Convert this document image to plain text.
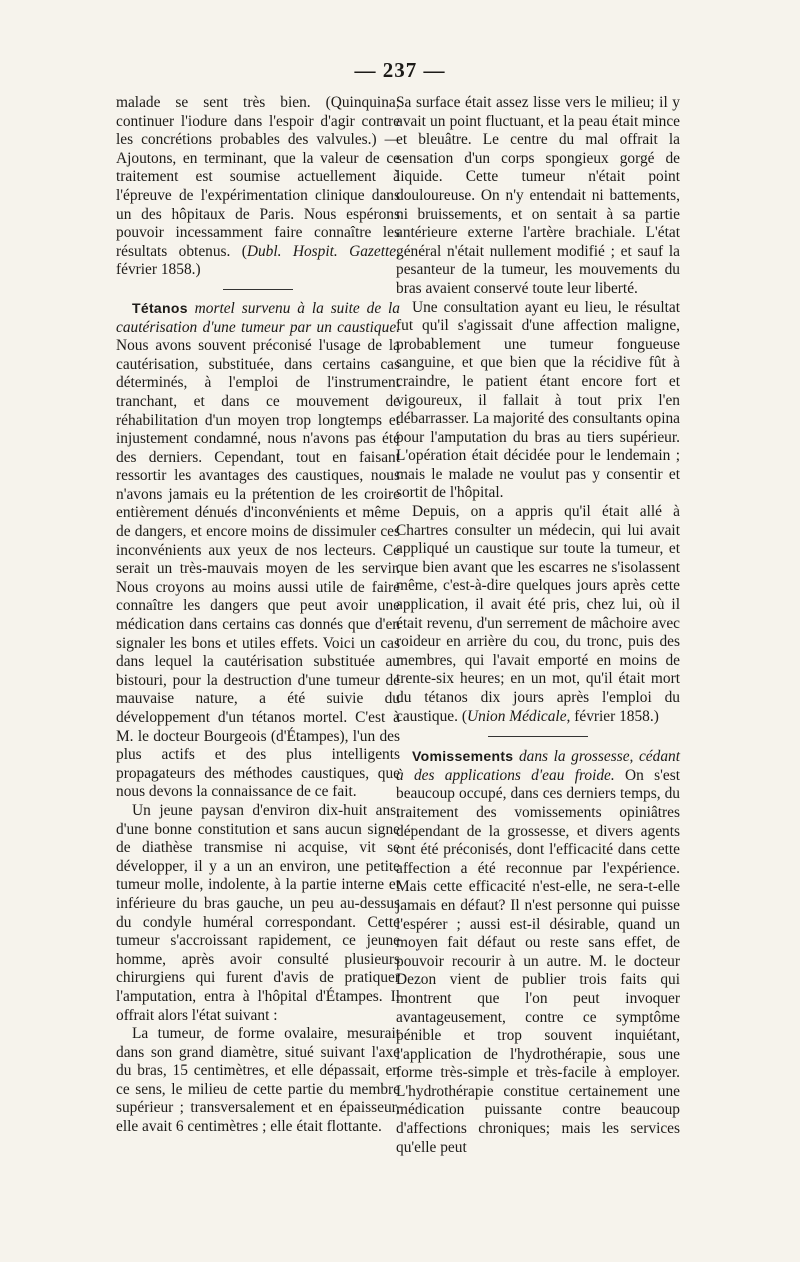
— 237 —

malade se sent très bien. (Quinquina; continuer l'iodure dans l'espoir d'agir contre les concrétions probables des valvules.) — Ajoutons, en terminant, que la valeur de ce traitement est soumise actuellement à l'épreuve de l'expérimentation clinique dans un des hôpitaux de Paris. Nous espérons pouvoir incessamment faire connaître les résultats obtenus. (Dubl. Hospit. Gazette, février 1858.)

Tétanos mortel survenu à la suite de la cautérisation d'une tumeur par un caustique. Nous avons souvent préconisé l'usage de la cautérisation, substituée, dans certains cas déterminés, à l'emploi de l'instrument tranchant, et dans ce mouvement de réhabilitation d'un moyen trop longtemps et injustement condamné, nous n'avons pas été des derniers. Cependant, tout en faisant ressortir les avantages des caustiques, nous n'avons jamais eu la prétention de les croire entièrement dénués d'inconvénients et même de dangers, et encore moins de dissimuler ces inconvénients aux yeux de nos lecteurs. Ce serait un très-mauvais moyen de les servir. Nous croyons au moins aussi utile de faire connaître les dangers que peut avoir une médication dans certains cas donnés que d'en signaler les bons et utiles effets. Voici un cas dans lequel la cautérisation substituée au bistouri, pour la destruction d'une tumeur de mauvaise nature, a été suivie du développement d'un tétanos mortel. C'est à M. le docteur Bourgeois (d'Étampes), l'un des plus actifs et des plus intelligents propagateurs des méthodes caustiques, que nous devons la connaissance de ce fait.

Un jeune paysan d'environ dix-huit ans, d'une bonne constitution et sans aucun signe de diathèse transmise ni acquise, vit se développer, il y a un an environ, une petite tumeur molle, indolente, à la partie interne et inférieure du bras gauche, un peu au-dessus du condyle huméral correspondant. Cette tumeur s'accroissant rapidement, ce jeune homme, après avoir consulté plusieurs chirurgiens qui furent d'avis de pratiquer l'amputation, entra à l'hôpital d'Étampes. Il offrait alors l'état suivant :

La tumeur, de forme ovalaire, mesurait dans son grand diamètre, situé suivant l'axe du bras, 15 centimètres, et elle dépassait, en ce sens, le milieu de cette partie du membre supérieur ; transversalement et en épaisseur, elle avait 6 centimètres ; elle était flottante.

Sa surface était assez lisse vers le milieu; il y avait un point fluctuant, et la peau était mince et bleuâtre. Le centre du mal offrait la sensation d'un corps spongieux gorgé de liquide. Cette tumeur n'était point douloureuse. On n'y entendait ni battements, ni bruissements, et on sentait à sa partie antérieure externe l'artère brachiale. L'état général n'était nullement modifié ; et sauf la pesanteur de la tumeur, les mouvements du bras avaient conservé toute leur liberté.

Une consultation ayant eu lieu, le résultat fut qu'il s'agissait d'une affection maligne, probablement une tumeur fongueuse sanguine, et que bien que la récidive fût à craindre, le patient étant encore fort et vigoureux, il fallait à tout prix l'en débarrasser. La majorité des consultants opina pour l'amputation du bras au tiers supérieur. L'opération était décidée pour le lendemain ; mais le malade ne voulut pas y consentir et sortit de l'hôpital.

Depuis, on a appris qu'il était allé à Chartres consulter un médecin, qui lui avait appliqué un caustique sur toute la tumeur, et que bien avant que les escarres ne s'isolassent même, c'est-à-dire quelques jours après cette application, il avait été pris, chez lui, où il était revenu, d'un serrement de mâchoire avec roideur en arrière du cou, du tronc, puis des membres, qui l'avait emporté en moins de trente-six heures; en un mot, qu'il était mort du tétanos dix jours après l'emploi du caustique. (Union Médicale, février 1858.)

Vomissements dans la grossesse, cédant à des applications d'eau froide. On s'est beaucoup occupé, dans ces derniers temps, du traitement des vomissements opiniâtres dépendant de la grossesse, et divers agents ont été préconisés, dont l'efficacité dans cette affection a été reconnue par l'expérience. Mais cette efficacité n'est-elle, ne sera-t-elle jamais en défaut? Il n'est personne qui puisse l'espérer ; aussi est-il désirable, quand un moyen fait défaut ou reste sans effet, de pouvoir recourir à un autre. M. le docteur Dezon vient de publier trois faits qui montrent que l'on peut invoquer avantageusement, contre ce symptôme pénible et trop souvent inquiétant, l'application de l'hydrothérapie, sous une forme très-simple et très-facile à employer. L'hydrothérapie constitue certainement une médication puissante contre beaucoup d'affections chroniques; mais les services qu'elle peut
